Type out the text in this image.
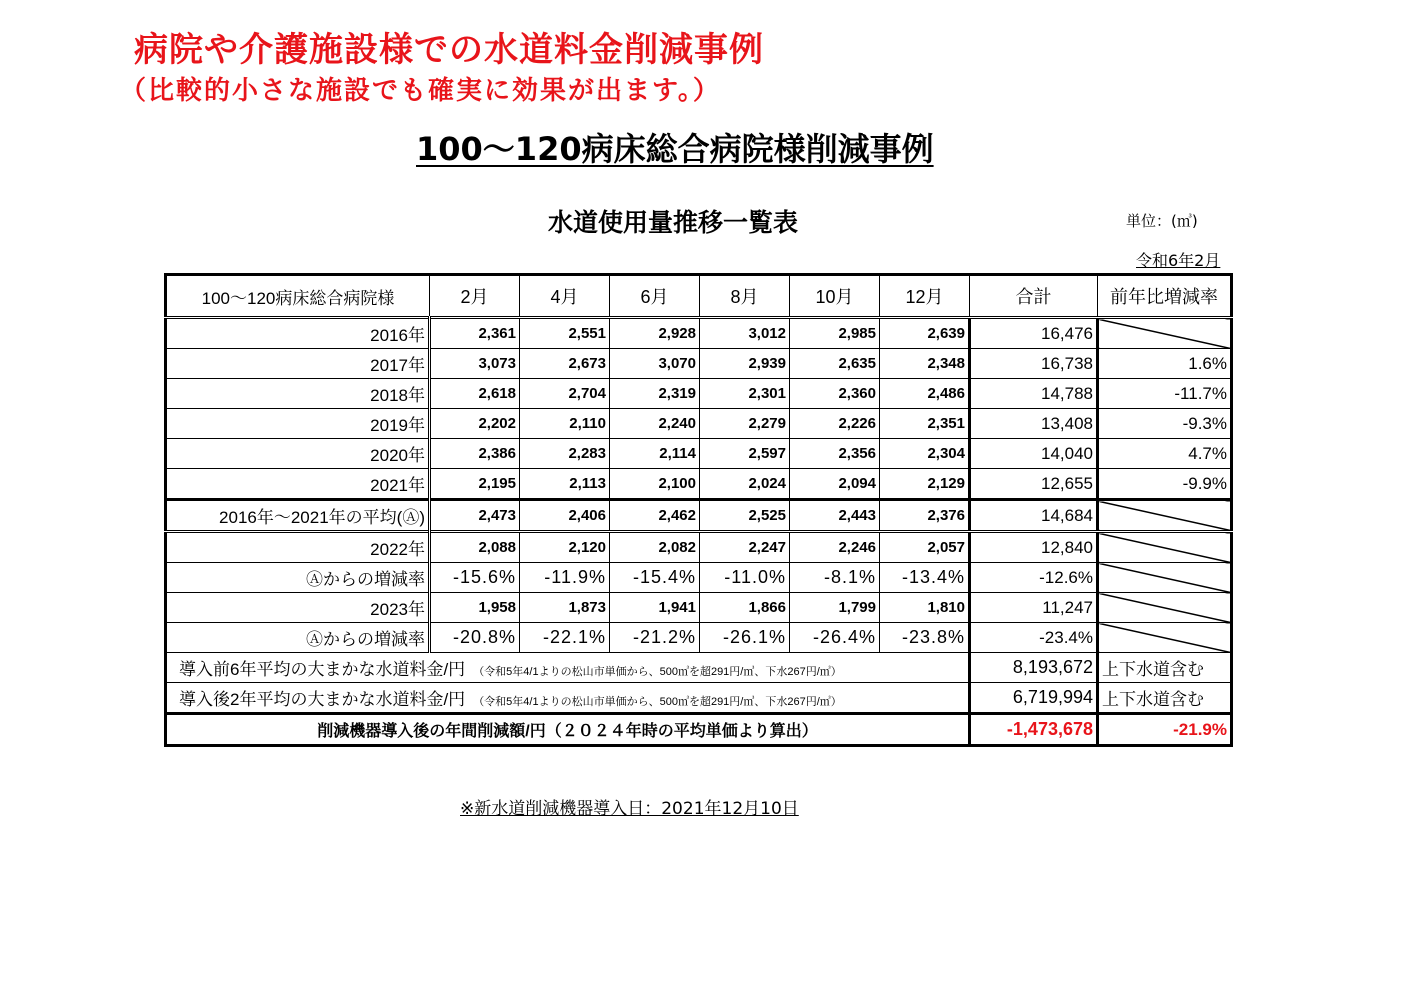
病院や介護施設様での水道料金削減事例
（比較的小さな施設でも確実に効果が出ます。）
100～120病床総合病院様削減事例
水道使用量推移一覧表	単位：(㎥)
令和6年2月
100～120病床総合病院様	2月	4月	6月	8月	10月	12月	合計	前年比増減率
2016年	2,361	2,551	2,928	3,012	2,985	2,639	16,476	
2017年	3,073	2,673	3,070	2,939	2,635	2,348	16,738	1.6%
2018年	2,618	2,704	2,319	2,301	2,360	2,486	14,788	-11.7%
2019年	2,202	2,110	2,240	2,279	2,226	2,351	13,408	-9.3%
2020年	2,386	2,283	2,114	2,597	2,356	2,304	14,040	4.7%
2021年	2,195	2,113	2,100	2,024	2,094	2,129	12,655	-9.9%
2016年～2021年の平均(Ⓐ)	2,473	2,406	2,462	2,525	2,443	2,376	14,684	
2022年	2,088	2,120	2,082	2,247	2,246	2,057	12,840	
Ⓐからの増減率	-15.6%	-11.9%	-15.4%	-11.0%	-8.1%	-13.4%	-12.6%	
2023年	1,958	1,873	1,941	1,866	1,799	1,810	11,247	
Ⓐからの増減率	-20.8%	-22.1%	-21.2%	-26.1%	-26.4%	-23.8%	-23.4%	
導入前6年平均の大まかな水道料金/円 （令和5年4/1よりの松山市単価から、500㎥を超291円/㎥、下水267円/㎥）							8,193,672	上下水道含む
導入後2年平均の大まかな水道料金/円 （令和5年4/1よりの松山市単価から、500㎥を超291円/㎥、下水267円/㎥）							6,719,994	上下水道含む
削減機器導入後の年間削減額/円（２０２４年時の平均単価より算出）							-1,473,678	-21.9%
※新水道削減機器導入日：2021年12月10日
